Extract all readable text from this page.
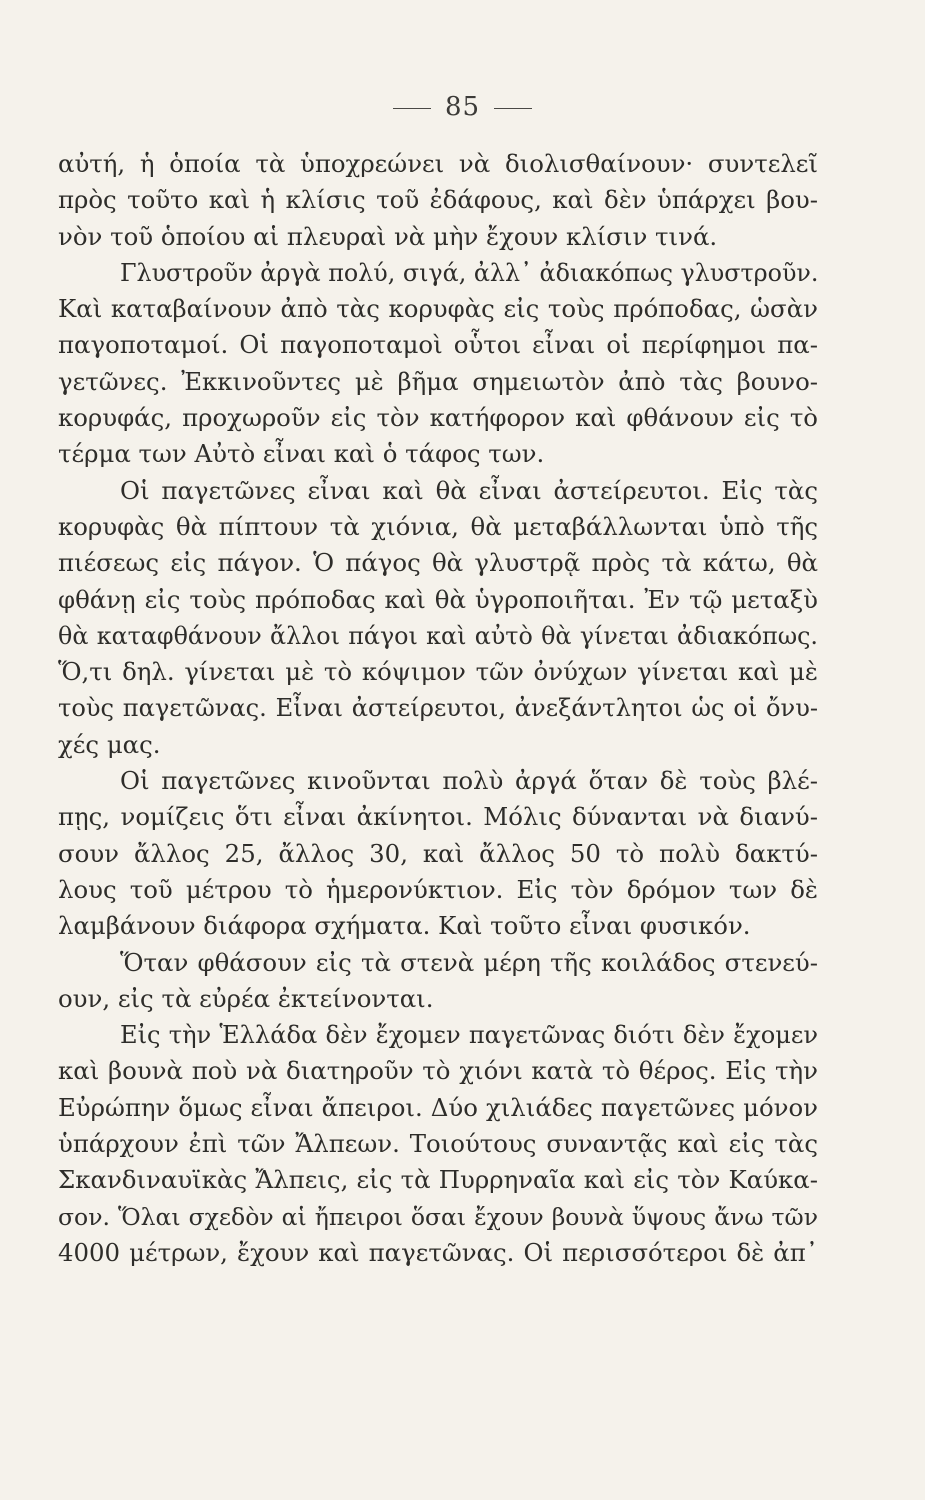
85
αὐτή, ἡ ὁποία τὰ ὑποχρεώνει νὰ διολισθαίνουν· συντελεῖ
πρὸς τοῦτο καὶ ἡ κλίσις τοῦ ἐδάφους, καὶ δὲν ὑπάρχει βου-
νὸν τοῦ ὁποίου αἱ πλευραὶ νὰ μὴν ἔχουν κλίσιν τινά.
Γλυστροῦν ἀργὰ πολύ, σιγά, ἀλλ᾽ ἀδιακόπως γλυστροῦν.
Καὶ καταβαίνουν ἀπὸ τὰς κορυφὰς εἰς τοὺς πρόποδας, ὡσὰν
παγοποταμοί. Οἱ παγοποταμοὶ οὗτοι εἶναι οἱ περίφημοι πα-
γετῶνες. Ἐκκινοῦντες μὲ βῆμα σημειωτὸν ἀπὸ τὰς βουνο-
κορυφάς, προχωροῦν εἰς τὸν κατήφορον καὶ φθάνουν εἰς τὸ
τέρμα των Αὐτὸ εἶναι καὶ ὁ τάφος των.
Οἱ παγετῶνες εἶναι καὶ θὰ εἶναι ἀστείρευτοι. Εἰς τὰς
κορυφὰς θὰ πίπτουν τὰ χιόνια, θὰ μεταβάλλωνται ὑπὸ τῆς
πιέσεως εἰς πάγον. Ὁ πάγος θὰ γλυστρᾷ πρὸς τὰ κάτω, θὰ
φθάνῃ εἰς τοὺς πρόποδας καὶ θὰ ὑγροποιῆται. Ἐν τῷ μεταξὺ
θὰ καταφθάνουν ἄλλοι πάγοι καὶ αὐτὸ θὰ γίνεται ἀδιακόπως.
Ὅ,τι δηλ. γίνεται μὲ τὸ κόψιμον τῶν ὀνύχων γίνεται καὶ μὲ
τοὺς παγετῶνας. Εἶναι ἀστείρευτοι, ἀνεξάντλητοι ὡς οἱ ὄνυ-
χές μας.
Οἱ παγετῶνες κινοῦνται πολὺ ἀργά ὅταν δὲ τοὺς βλέ-
πῃς, νομίζεις ὅτι εἶναι ἀκίνητοι. Μόλις δύνανται νὰ διανύ-
σουν ἄλλος 25, ἄλλος 30, καὶ ἄλλος 50 τὸ πολὺ δακτύ-
λους τοῦ μέτρου τὸ ἡμερονύκτιον. Εἰς τὸν δρόμον των δὲ
λαμβάνουν διάφορα σχήματα. Καὶ τοῦτο εἶναι φυσικόν.
Ὅταν φθάσουν εἰς τὰ στενὰ μέρη τῆς κοιλάδος στενεύ-
ουν, εἰς τὰ εὐρέα ἐκτείνονται.
Εἰς τὴν Ἑλλάδα δὲν ἔχομεν παγετῶνας διότι δὲν ἔχομεν
καὶ βουνὰ ποὺ νὰ διατηροῦν τὸ χιόνι κατὰ τὸ θέρος. Εἰς τὴν
Εὐρώπην ὅμως εἶναι ἄπειροι. Δύο χιλιάδες παγετῶνες μόνον
ὑπάρχουν ἐπὶ τῶν Ἄλπεων. Τοιούτους συναντᾷς καὶ εἰς τὰς
Σκανδιναυϊκὰς Ἄλπεις, εἰς τὰ Πυρρηναῖα καὶ εἰς τὸν Καύκα-
σον. Ὅλαι σχεδὸν αἱ ἤπειροι ὅσαι ἔχουν βουνὰ ὕψους ἄνω τῶν
4000 μέτρων, ἔχουν καὶ παγετῶνας. Οἱ περισσότεροι δὲ ἀπ᾽
